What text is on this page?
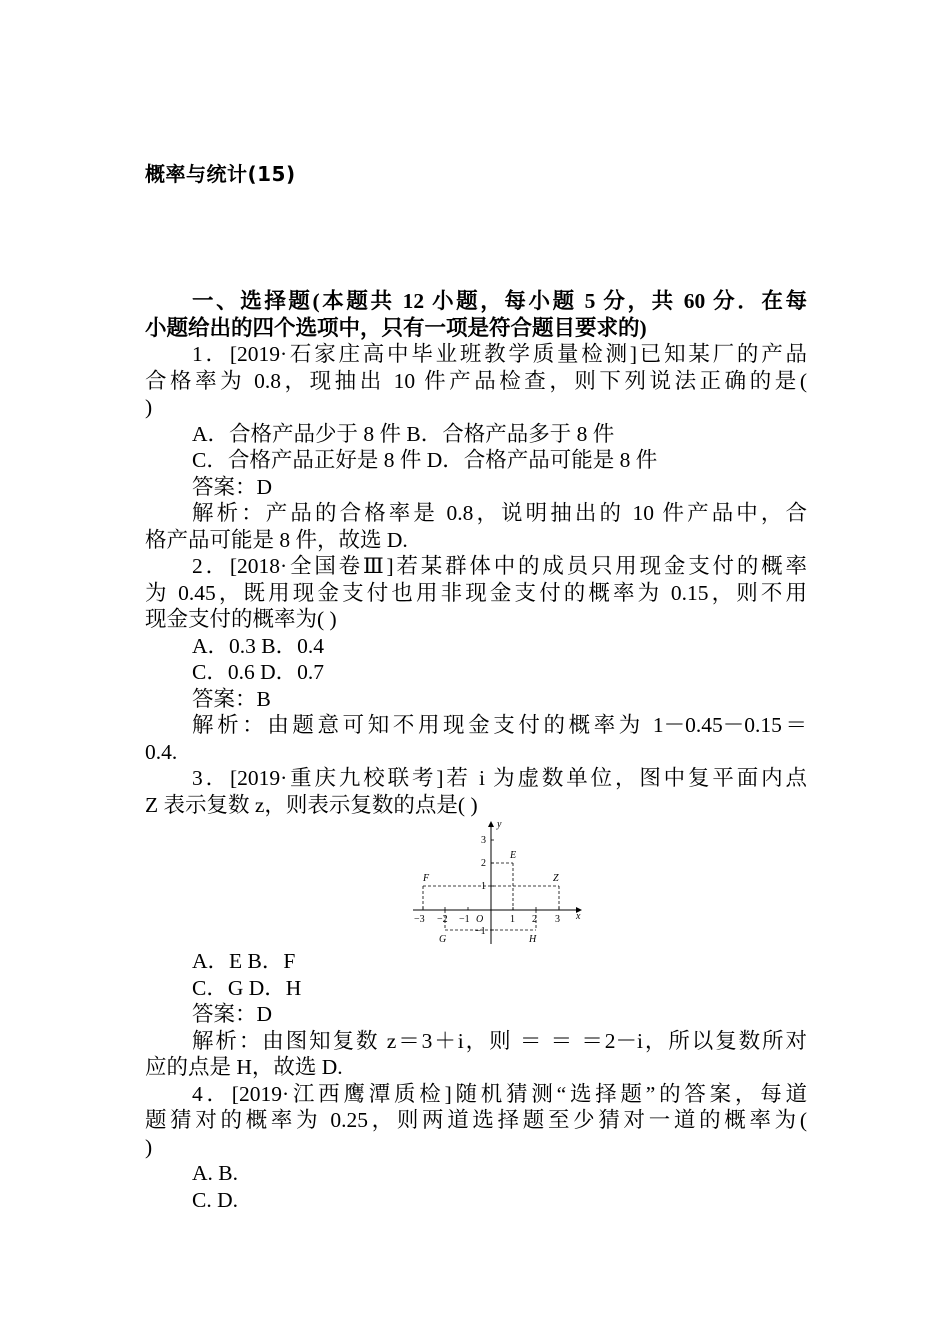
概率与统计(15)
一、选择题(本题共 12 小题，每小题 5 分，共 60 分．在每
小题给出的四个选项中，只有一项是符合题目要求的)
1．[2019·石家庄高中毕业班教学质量检测]已知某厂的产品
合格率为 0.8，现抽出 10 件产品检查，则下列说法正确的是(
)
A．合格产品少于 8 件 B．合格产品多于 8 件
C．合格产品正好是 8 件 D．合格产品可能是 8 件
答案：D
解析：产品的合格率是 0.8，说明抽出的 10 件产品中，合
格产品可能是 8 件，故选 D.
2．[2018·全国卷Ⅲ]若某群体中的成员只用现金支付的概率
为 0.45，既用现金支付也用非现金支付的概率为 0.15，则不用
现金支付的概率为( )
A．0.3 B．0.4
C．0.6 D．0.7
答案：B
解析：由题意可知不用现金支付的概率为 1－0.45－0.15＝
0.4.
3．[2019·重庆九校联考]若 i 为虚数单位，图中复平面内点
Z 表示复数 z，则表示复数的点是( )
y
x
O
3
2
1
−1
−3 −2 −1	1 2 3
E
F	Z
G	H
A．E B．F
C．G D．H
答案：D
解析：由图知复数 z＝3＋i，则 ＝ ＝ ＝2－i，所以复数所对
应的点是 H，故选 D.
4．[2019·江西鹰潭质检]随机猜测“选择题”的答案，每道
题猜对的概率为 0.25，则两道选择题至少猜对一道的概率为(
)
A. B.
C. D.
